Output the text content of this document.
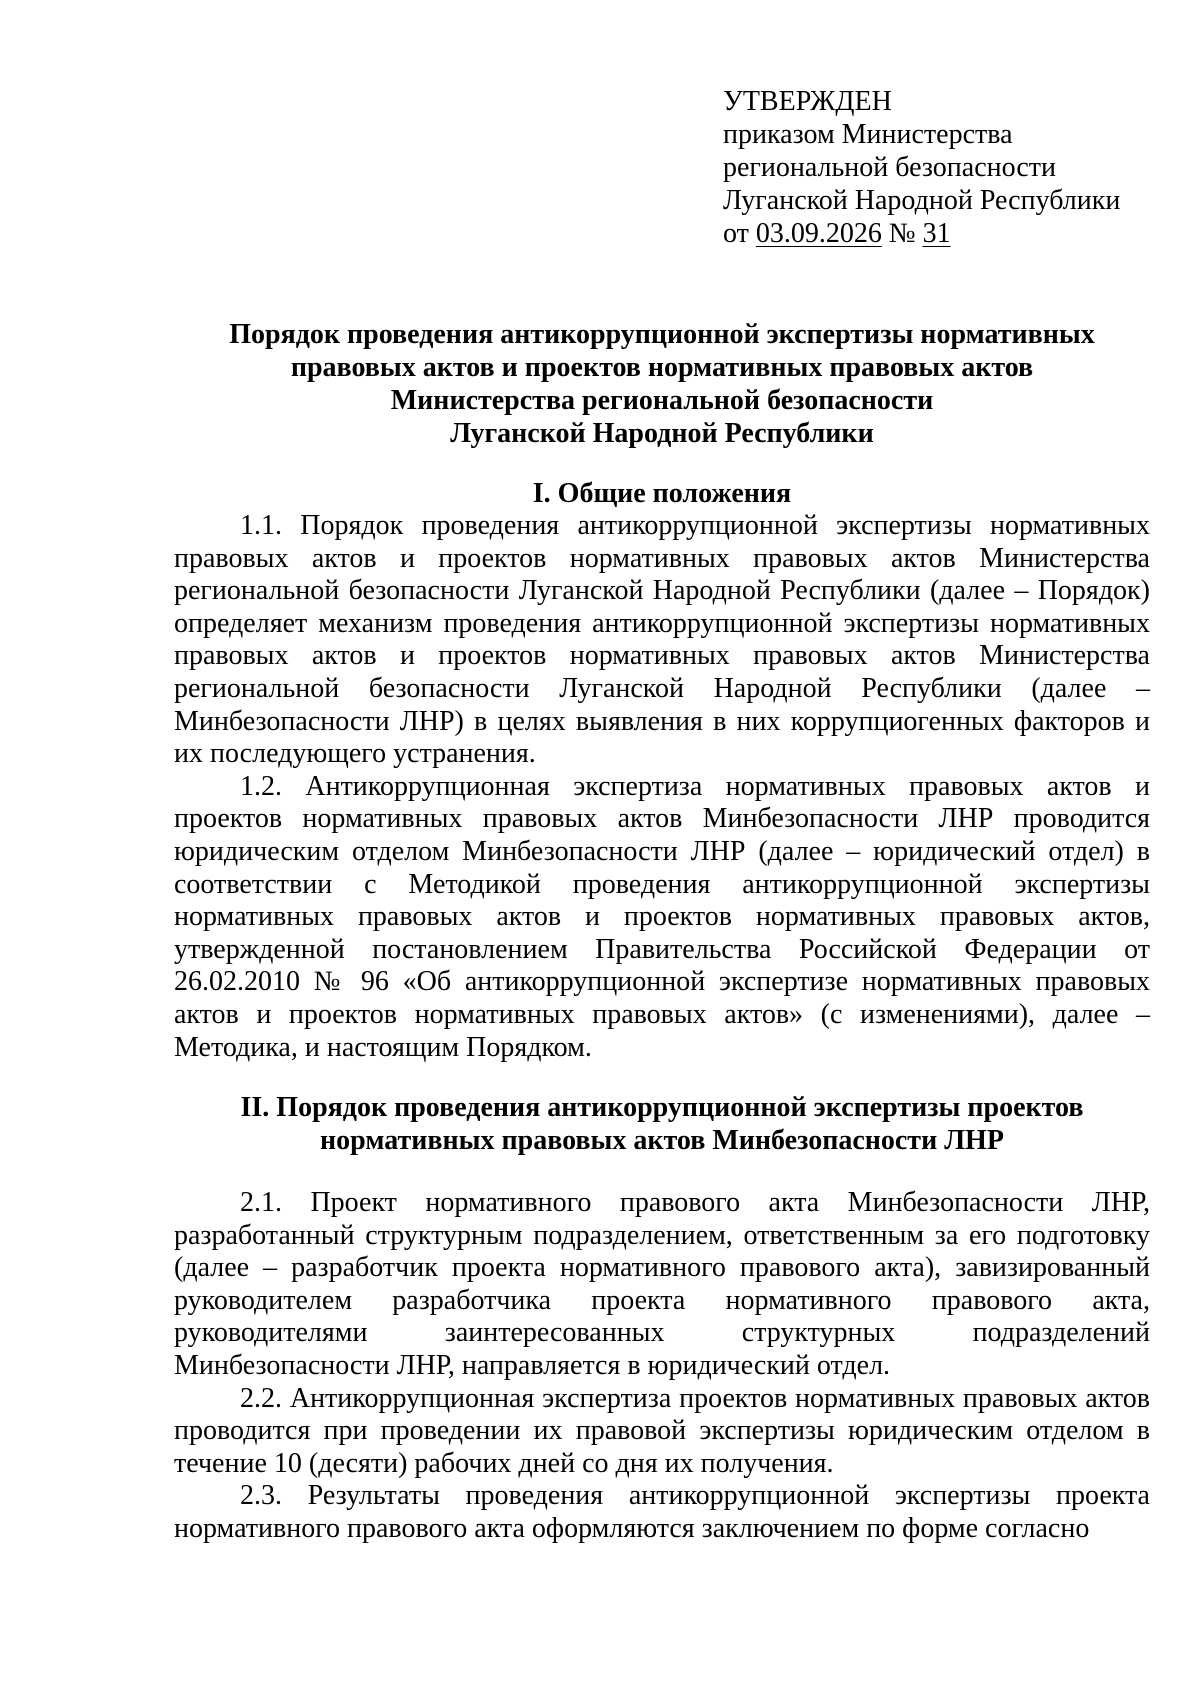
УТВЕРЖДЕН
приказом Министерства
региональной безопасности
Луганской Народной Республики
от 03.09.2026 № 31
Порядок проведения антикоррупционной экспертизы нормативных
правовых актов и проектов нормативных правовых актов
Министерства региональной безопасности
Луганской Народной Республики
I. Общие положения

1.1. Порядок проведения антикоррупционной экспертизы нормативных правовых актов и проектов нормативных правовых актов Министерства региональной безопасности Луганской Народной Республики (далее – Порядок) определяет механизм проведения антикоррупционной экспертизы нормативных правовых актов и проектов нормативных правовых актов Министерства региональной безопасности Луганской Народной Республики (далее – Минбезопасности ЛНР) в целях выявления в них коррупциогенных факторов и их последующего устранения.

1.2. Антикоррупционная экспертиза нормативных правовых актов и проектов нормативных правовых актов Минбезопасности ЛНР проводится юридическим отделом Минбезопасности ЛНР (далее – юридический отдел) в соответствии с Методикой проведения антикоррупционной экспертизы нормативных правовых актов и проектов нормативных правовых актов, утвержденной постановлением Правительства Российской Федерации от 26.02.2010 № 96 «Об антикоррупционной экспертизе нормативных правовых актов и проектов нормативных правовых актов» (с изменениями), далее – Методика, и настоящим Порядком.

II. Порядок проведения антикоррупционной экспертизы проектов
нормативных правовых актов Минбезопасности ЛНР

2.1. Проект нормативного правового акта Минбезопасности ЛНР, разработанный структурным подразделением, ответственным за его подготовку (далее – разработчик проекта нормативного правового акта), завизированный руководителем разработчика проекта нормативного правового акта, руководителями заинтересованных структурных подразделений Минбезопасности ЛНР, направляется в юридический отдел.

2.2. Антикоррупционная экспертиза проектов нормативных правовых актов проводится при проведении их правовой экспертизы юридическим отделом в течение 10 (десяти) рабочих дней со дня их получения.

2.3. Результаты проведения антикоррупционной экспертизы проекта нормативного правового акта оформляются заключением по форме согласно
